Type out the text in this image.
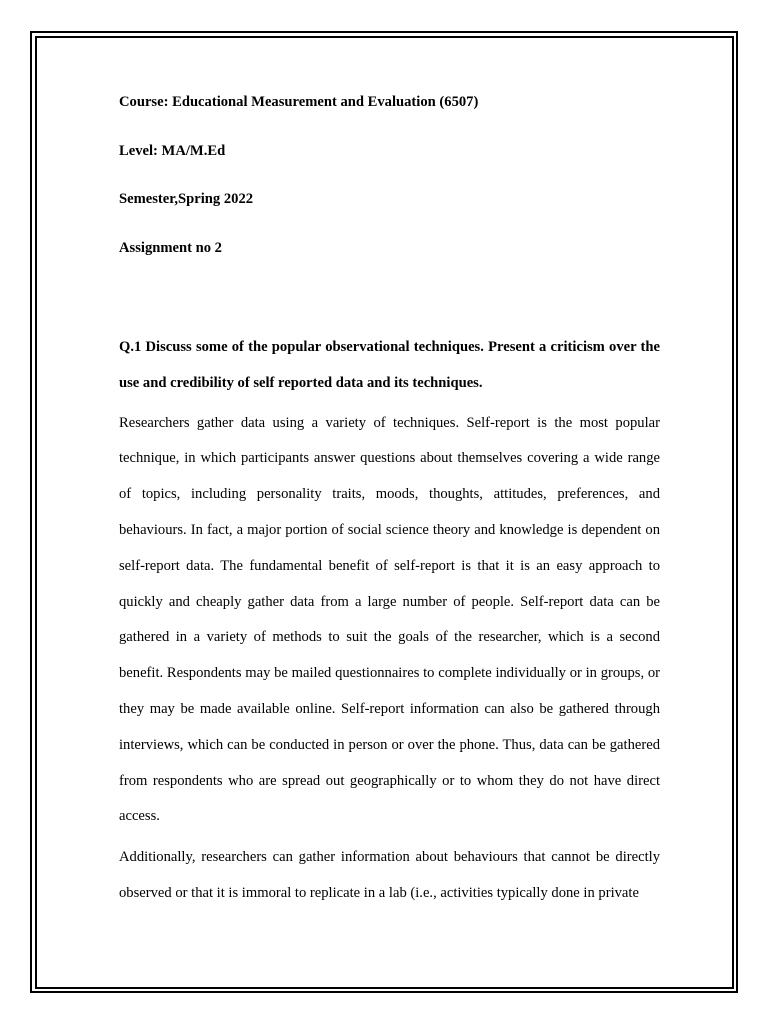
Course: Educational Measurement and Evaluation (6507)

Level: MA/M.Ed

Semester,Spring 2022

Assignment no 2

Q.1 Discuss some of the popular observational techniques. Present a criticism over the use and credibility of self reported data and its techniques.

Researchers gather data using a variety of techniques. Self-report is the most popular technique, in which participants answer questions about themselves covering a wide range of topics, including personality traits, moods, thoughts, attitudes, preferences, and behaviours. In fact, a major portion of social science theory and knowledge is dependent on self-report data. The fundamental benefit of self-report is that it is an easy approach to quickly and cheaply gather data from a large number of people. Self-report data can be gathered in a variety of methods to suit the goals of the researcher, which is a second benefit. Respondents may be mailed questionnaires to complete individually or in groups, or they may be made available online. Self-report information can also be gathered through interviews, which can be conducted in person or over the phone. Thus, data can be gathered from respondents who are spread out geographically or to whom they do not have direct access.

Additionally, researchers can gather information about behaviours that cannot be directly observed or that it is immoral to replicate in a lab (i.e., activities typically done in private
